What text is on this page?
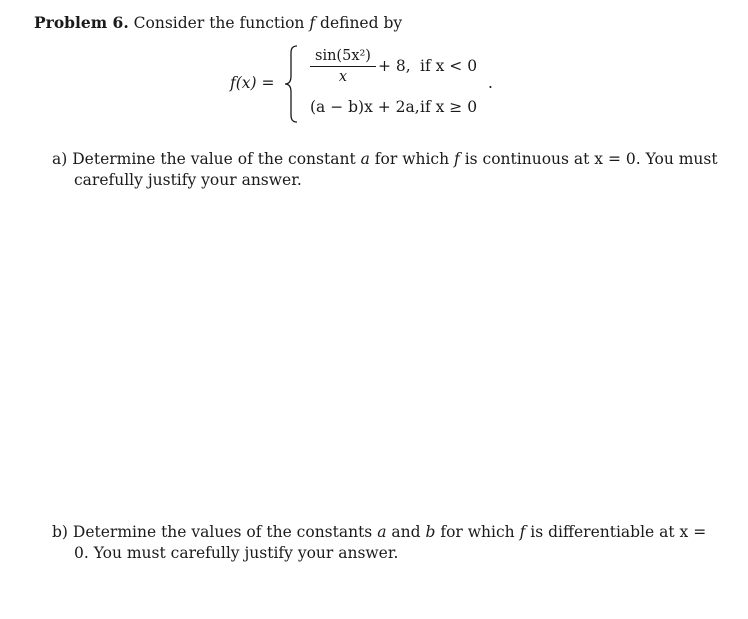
Problem 6. Consider the function f defined by
f(x) =
sin(5x²)
x
+ 8, if x < 0
(a − b)x + 2a, if x ≥ 0
.
a) Determine the value of the constant a for which f is continuous at x = 0. You must carefully justify your answer.
b) Determine the values of the constants a and b for which f is differentiable at x = 0. You must carefully justify your answer.
